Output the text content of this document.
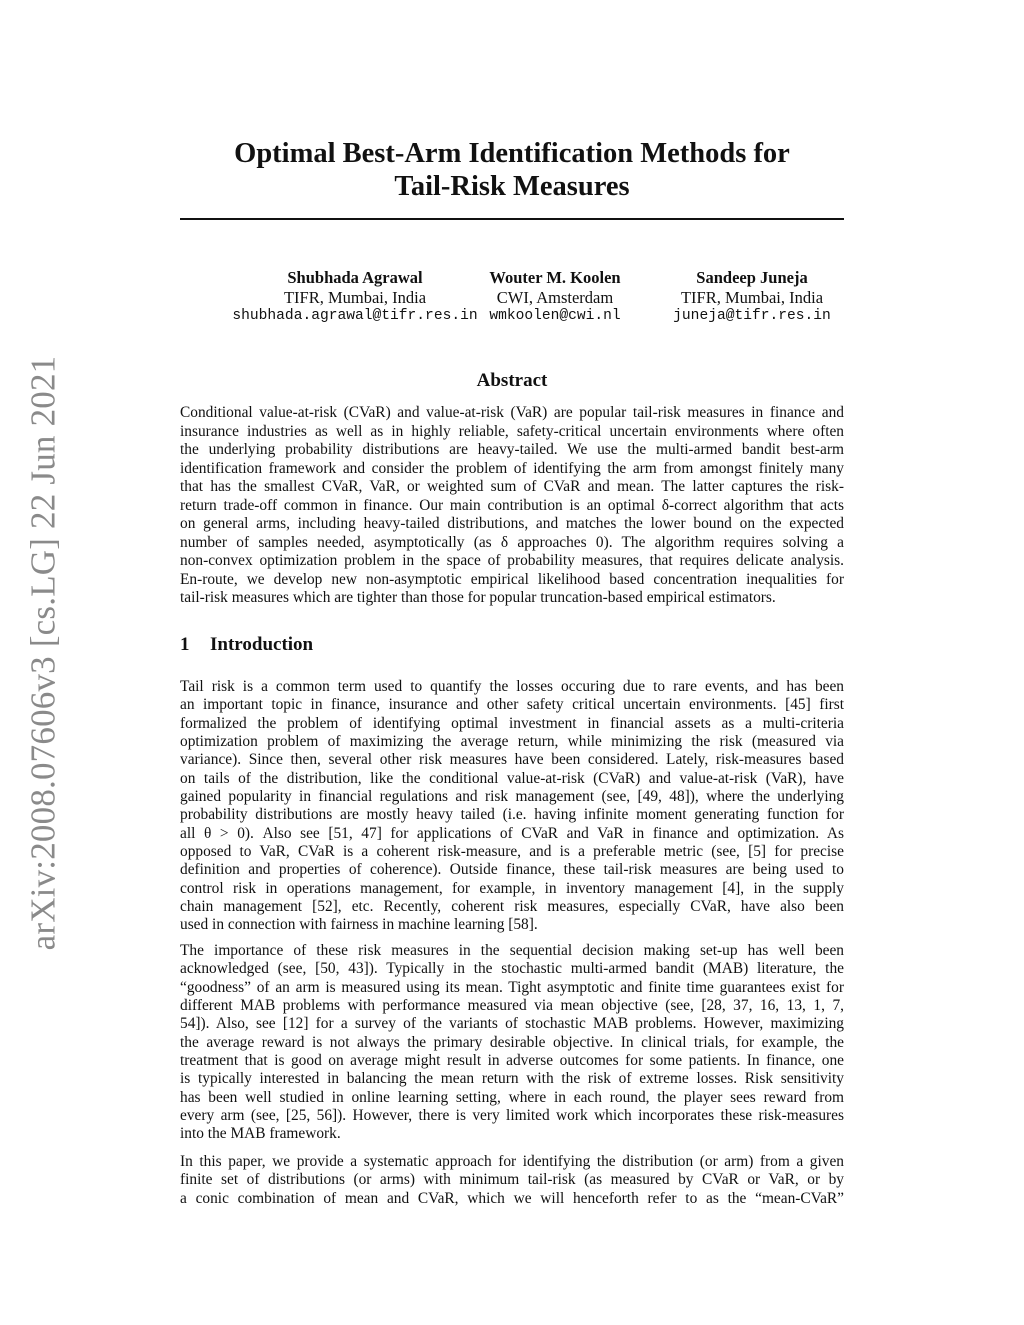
arXiv:2008.07606v3 [cs.LG] 22 Jun 2021
Optimal Best-Arm Identification Methods for
Tail-Risk Measures
Shubhada Agrawal
TIFR, Mumbai, India
shubhada.agrawal@tifr.res.in
Wouter M. Koolen
CWI, Amsterdam
wmkoolen@cwi.nl
Sandeep Juneja
TIFR, Mumbai, India
juneja@tifr.res.in
Abstract
Conditional value-at-risk (CVaR) and value-at-risk (VaR) are popular tail-risk measures in finance and
insurance industries as well as in highly reliable, safety-critical uncertain environments where often
the underlying probability distributions are heavy-tailed. We use the multi-armed bandit best-arm
identification framework and consider the problem of identifying the arm from amongst finitely many
that has the smallest CVaR, VaR, or weighted sum of CVaR and mean. The latter captures the risk-
return trade-off common in finance. Our main contribution is an optimal δ-correct algorithm that acts
on general arms, including heavy-tailed distributions, and matches the lower bound on the expected
number of samples needed, asymptotically (as δ approaches 0). The algorithm requires solving a
non-convex optimization problem in the space of probability measures, that requires delicate analysis.
En-route, we develop new non-asymptotic empirical likelihood based concentration inequalities for
tail-risk measures which are tighter than those for popular truncation-based empirical estimators.
1 Introduction
Tail risk is a common term used to quantify the losses occuring due to rare events, and has been
an important topic in finance, insurance and other safety critical uncertain environments. [45] first
formalized the problem of identifying optimal investment in financial assets as a multi-criteria
optimization problem of maximizing the average return, while minimizing the risk (measured via
variance). Since then, several other risk measures have been considered. Lately, risk-measures based
on tails of the distribution, like the conditional value-at-risk (CVaR) and value-at-risk (VaR), have
gained popularity in financial regulations and risk management (see, [49, 48]), where the underlying
probability distributions are mostly heavy tailed (i.e. having infinite moment generating function for
all θ > 0). Also see [51, 47] for applications of CVaR and VaR in finance and optimization. As
opposed to VaR, CVaR is a coherent risk-measure, and is a preferable metric (see, [5] for precise
definition and properties of coherence). Outside finance, these tail-risk measures are being used to
control risk in operations management, for example, in inventory management [4], in the supply
chain management [52], etc. Recently, coherent risk measures, especially CVaR, have also been
used in connection with fairness in machine learning [58].
The importance of these risk measures in the sequential decision making set-up has well been
acknowledged (see, [50, 43]). Typically in the stochastic multi-armed bandit (MAB) literature, the
“goodness” of an arm is measured using its mean. Tight asymptotic and finite time guarantees exist for
different MAB problems with performance measured via mean objective (see, [28, 37, 16, 13, 1, 7,
54]). Also, see [12] for a survey of the variants of stochastic MAB problems. However, maximizing
the average reward is not always the primary desirable objective. In clinical trials, for example, the
treatment that is good on average might result in adverse outcomes for some patients. In finance, one
is typically interested in balancing the mean return with the risk of extreme losses. Risk sensitivity
has been well studied in online learning setting, where in each round, the player sees reward from
every arm (see, [25, 56]). However, there is very limited work which incorporates these risk-measures
into the MAB framework.
In this paper, we provide a systematic approach for identifying the distribution (or arm) from a given
finite set of distributions (or arms) with minimum tail-risk (as measured by CVaR or VaR, or by
a conic combination of mean and CVaR, which we will henceforth refer to as the “mean-CVaR”
